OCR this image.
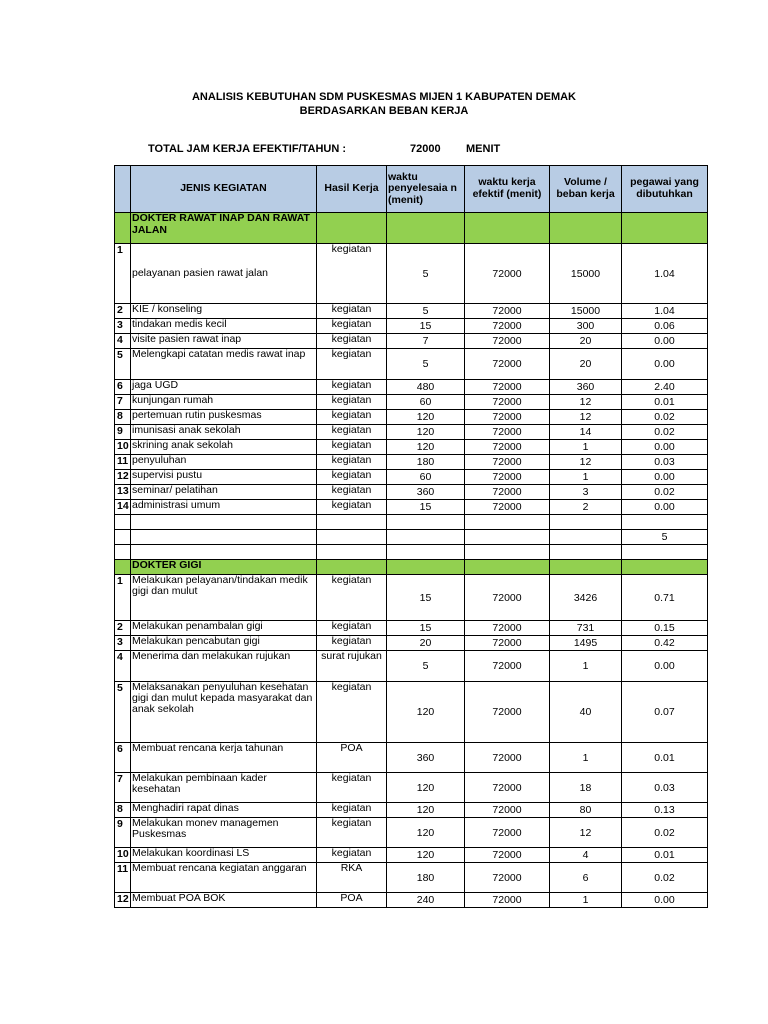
ANALISIS KEBUTUHAN SDM PUSKESMAS MIJEN 1 KABUPATEN DEMAK
BERDASARKAN BEBAN KERJA
TOTAL JAM KERJA EFEKTIF/TAHUN :	72000 MENIT
	JENIS KEGIATAN	Hasil Kerja	waktu penyelesaia n (menit)	waktu kerja efektif (menit)	Volume / beban kerja	pegawai yang dibutuhkan
	DOKTER RAWAT INAP DAN RAWAT JALAN					
1	pelayanan pasien rawat jalan	kegiatan	5	72000	15000	1.04
2	KIE / konseling	kegiatan	5	72000	15000	1.04
3	tindakan medis kecil	kegiatan	15	72000	300	0.06
4	visite pasien rawat inap	kegiatan	7	72000	20	0.00
5	Melengkapi catatan medis rawat inap	kegiatan	5	72000	20	0.00
6	jaga UGD	kegiatan	480	72000	360	2.40
7	kunjungan rumah	kegiatan	60	72000	12	0.01
8	pertemuan rutin puskesmas	kegiatan	120	72000	12	0.02
9	imunisasi anak sekolah	kegiatan	120	72000	14	0.02
10	skrining anak sekolah	kegiatan	120	72000	1	0.00
11	penyuluhan	kegiatan	180	72000	12	0.03
12	supervisi pustu	kegiatan	60	72000	1	0.00
13	seminar/ pelatihan	kegiatan	360	72000	3	0.02
14	administrasi umum	kegiatan	15	72000	2	0.00

						5

	DOKTER GIGI					
1	Melakukan pelayanan/tindakan medik gigi dan mulut	kegiatan	15	72000	3426	0.71
2	Melakukan penambalan gigi	kegiatan	15	72000	731	0.15
3	Melakukan pencabutan gigi	kegiatan	20	72000	1495	0.42
4	Menerima dan melakukan rujukan	surat rujukan	5	72000	1	0.00
5	Melaksanakan penyuluhan kesehatan gigi dan mulut kepada masyarakat dan anak sekolah	kegiatan	120	72000	40	0.07
6	Membuat rencana kerja tahunan	POA	360	72000	1	0.01
7	Melakukan pembinaan kader kesehatan	kegiatan	120	72000	18	0.03
8	Menghadiri rapat dinas	kegiatan	120	72000	80	0.13
9	Melakukan monev managemen Puskesmas	kegiatan	120	72000	12	0.02
10	Melakukan koordinasi LS	kegiatan	120	72000	4	0.01
11	Membuat rencana kegiatan anggaran	RKA	180	72000	6	0.02
12	Membuat POA BOK	POA	240	72000	1	0.00
